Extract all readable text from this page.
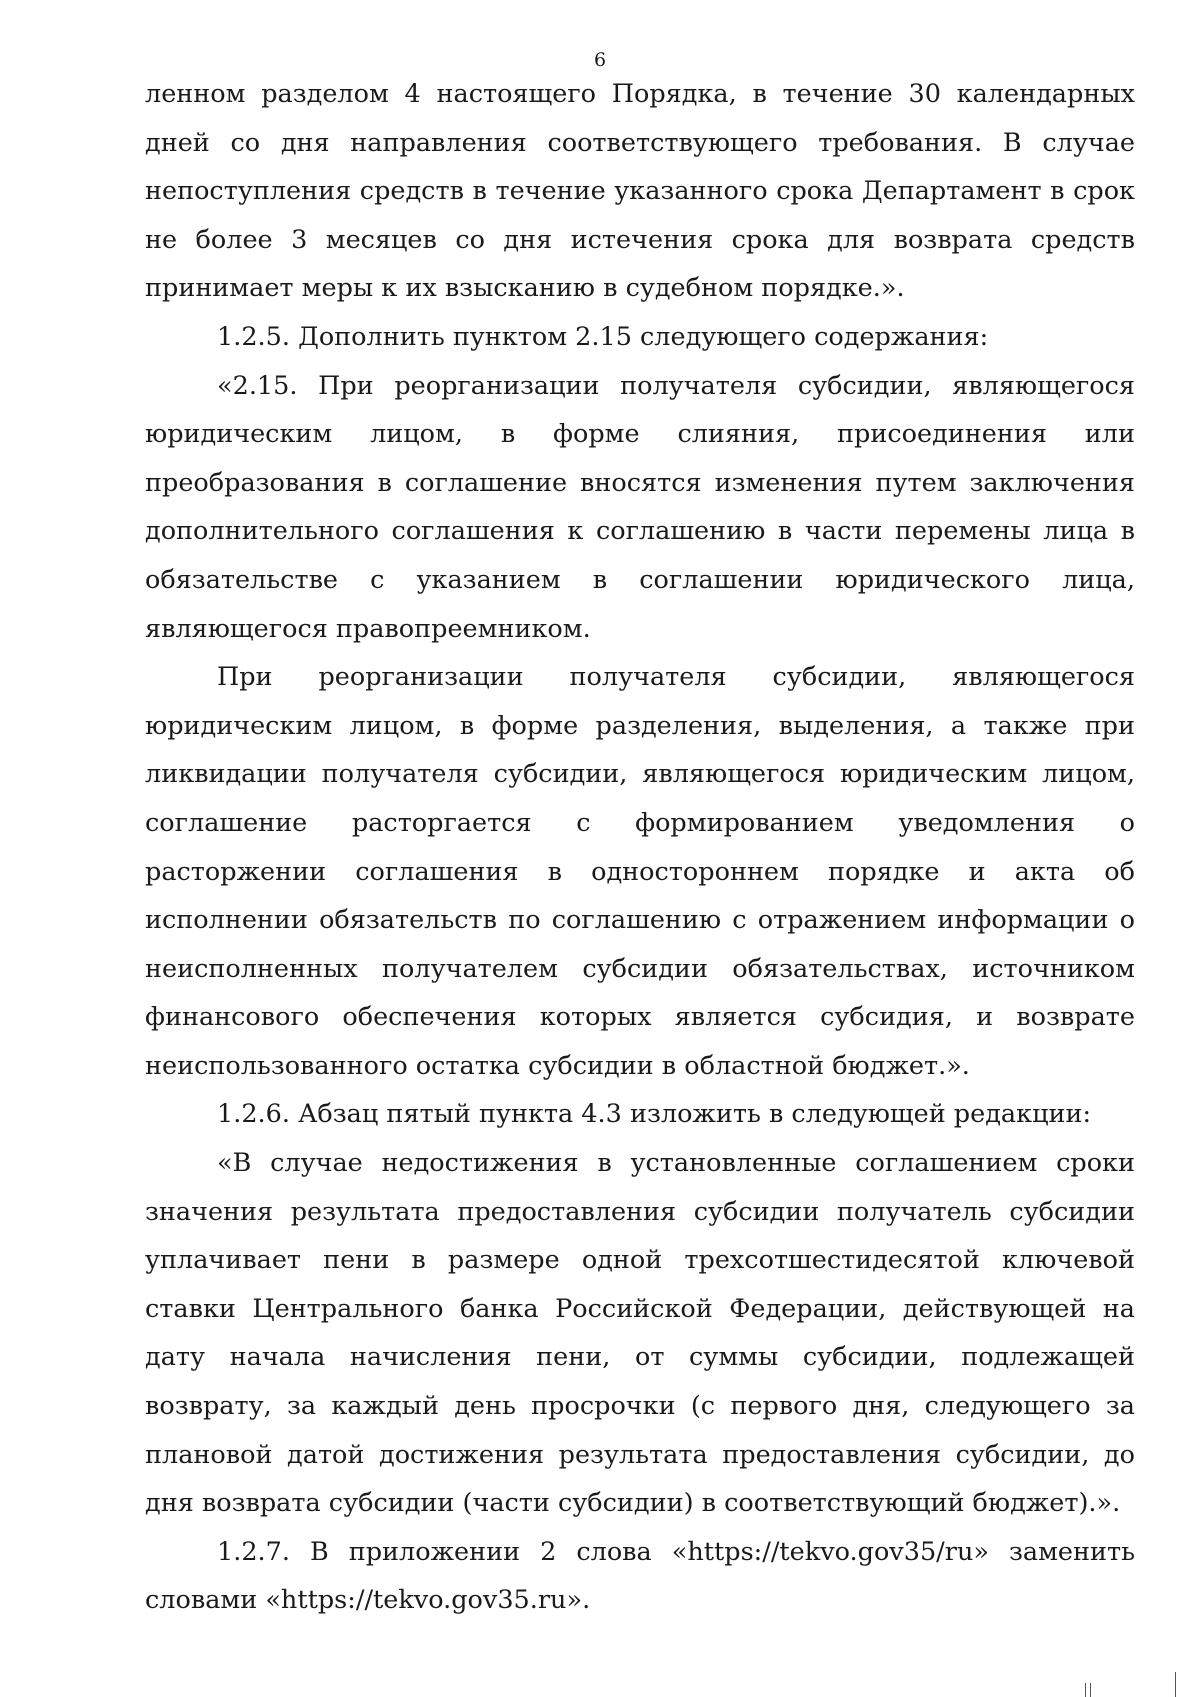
6

ленном разделом 4 настоящего Порядка, в течение 30 календарных дней со дня направления соответствующего требования. В случае непоступления средств в течение указанного срока Департамент в срок не более 3 месяцев со дня истечения срока для возврата средств принимает меры к их взысканию в судебном порядке.».

1.2.5. Дополнить пунктом 2.15 следующего содержания:

«2.15. При реорганизации получателя субсидии, являющегося юридическим лицом, в форме слияния, присоединения или преобразования в соглашение вносятся изменения путем заключения дополнительного соглашения к соглашению в части перемены лица в обязательстве с указанием в соглашении юридического лица, являющегося правопреемником.

При реорганизации получателя субсидии, являющегося юридическим лицом, в форме разделения, выделения, а также при ликвидации получателя субсидии, являющегося юридическим лицом, соглашение расторгается с формированием уведомления о расторжении соглашения в одностороннем порядке и акта об исполнении обязательств по соглашению с отражением информации о неисполненных получателем субсидии обязательствах, источником финансового обеспечения которых является субсидия, и возврате неиспользованного остатка субсидии в областной бюджет.».

1.2.6. Абзац пятый пункта 4.3 изложить в следующей редакции:

«В случае недостижения в установленные соглашением сроки значения результата предоставления субсидии получатель субсидии уплачивает пени в размере одной трехсотшестидесятой ключевой ставки Центрального банка Российской Федерации, действующей на дату начала начисления пени, от суммы субсидии, подлежащей возврату, за каждый день просрочки (с первого дня, следующего за плановой датой достижения результата предоставления субсидии, до дня возврата субсидии (части субсидии) в соответствующий бюджет).».

1.2.7. В приложении 2 слова «https://tekvo.gov35/ru» заменить словами «https://tekvo.gov35.ru».
